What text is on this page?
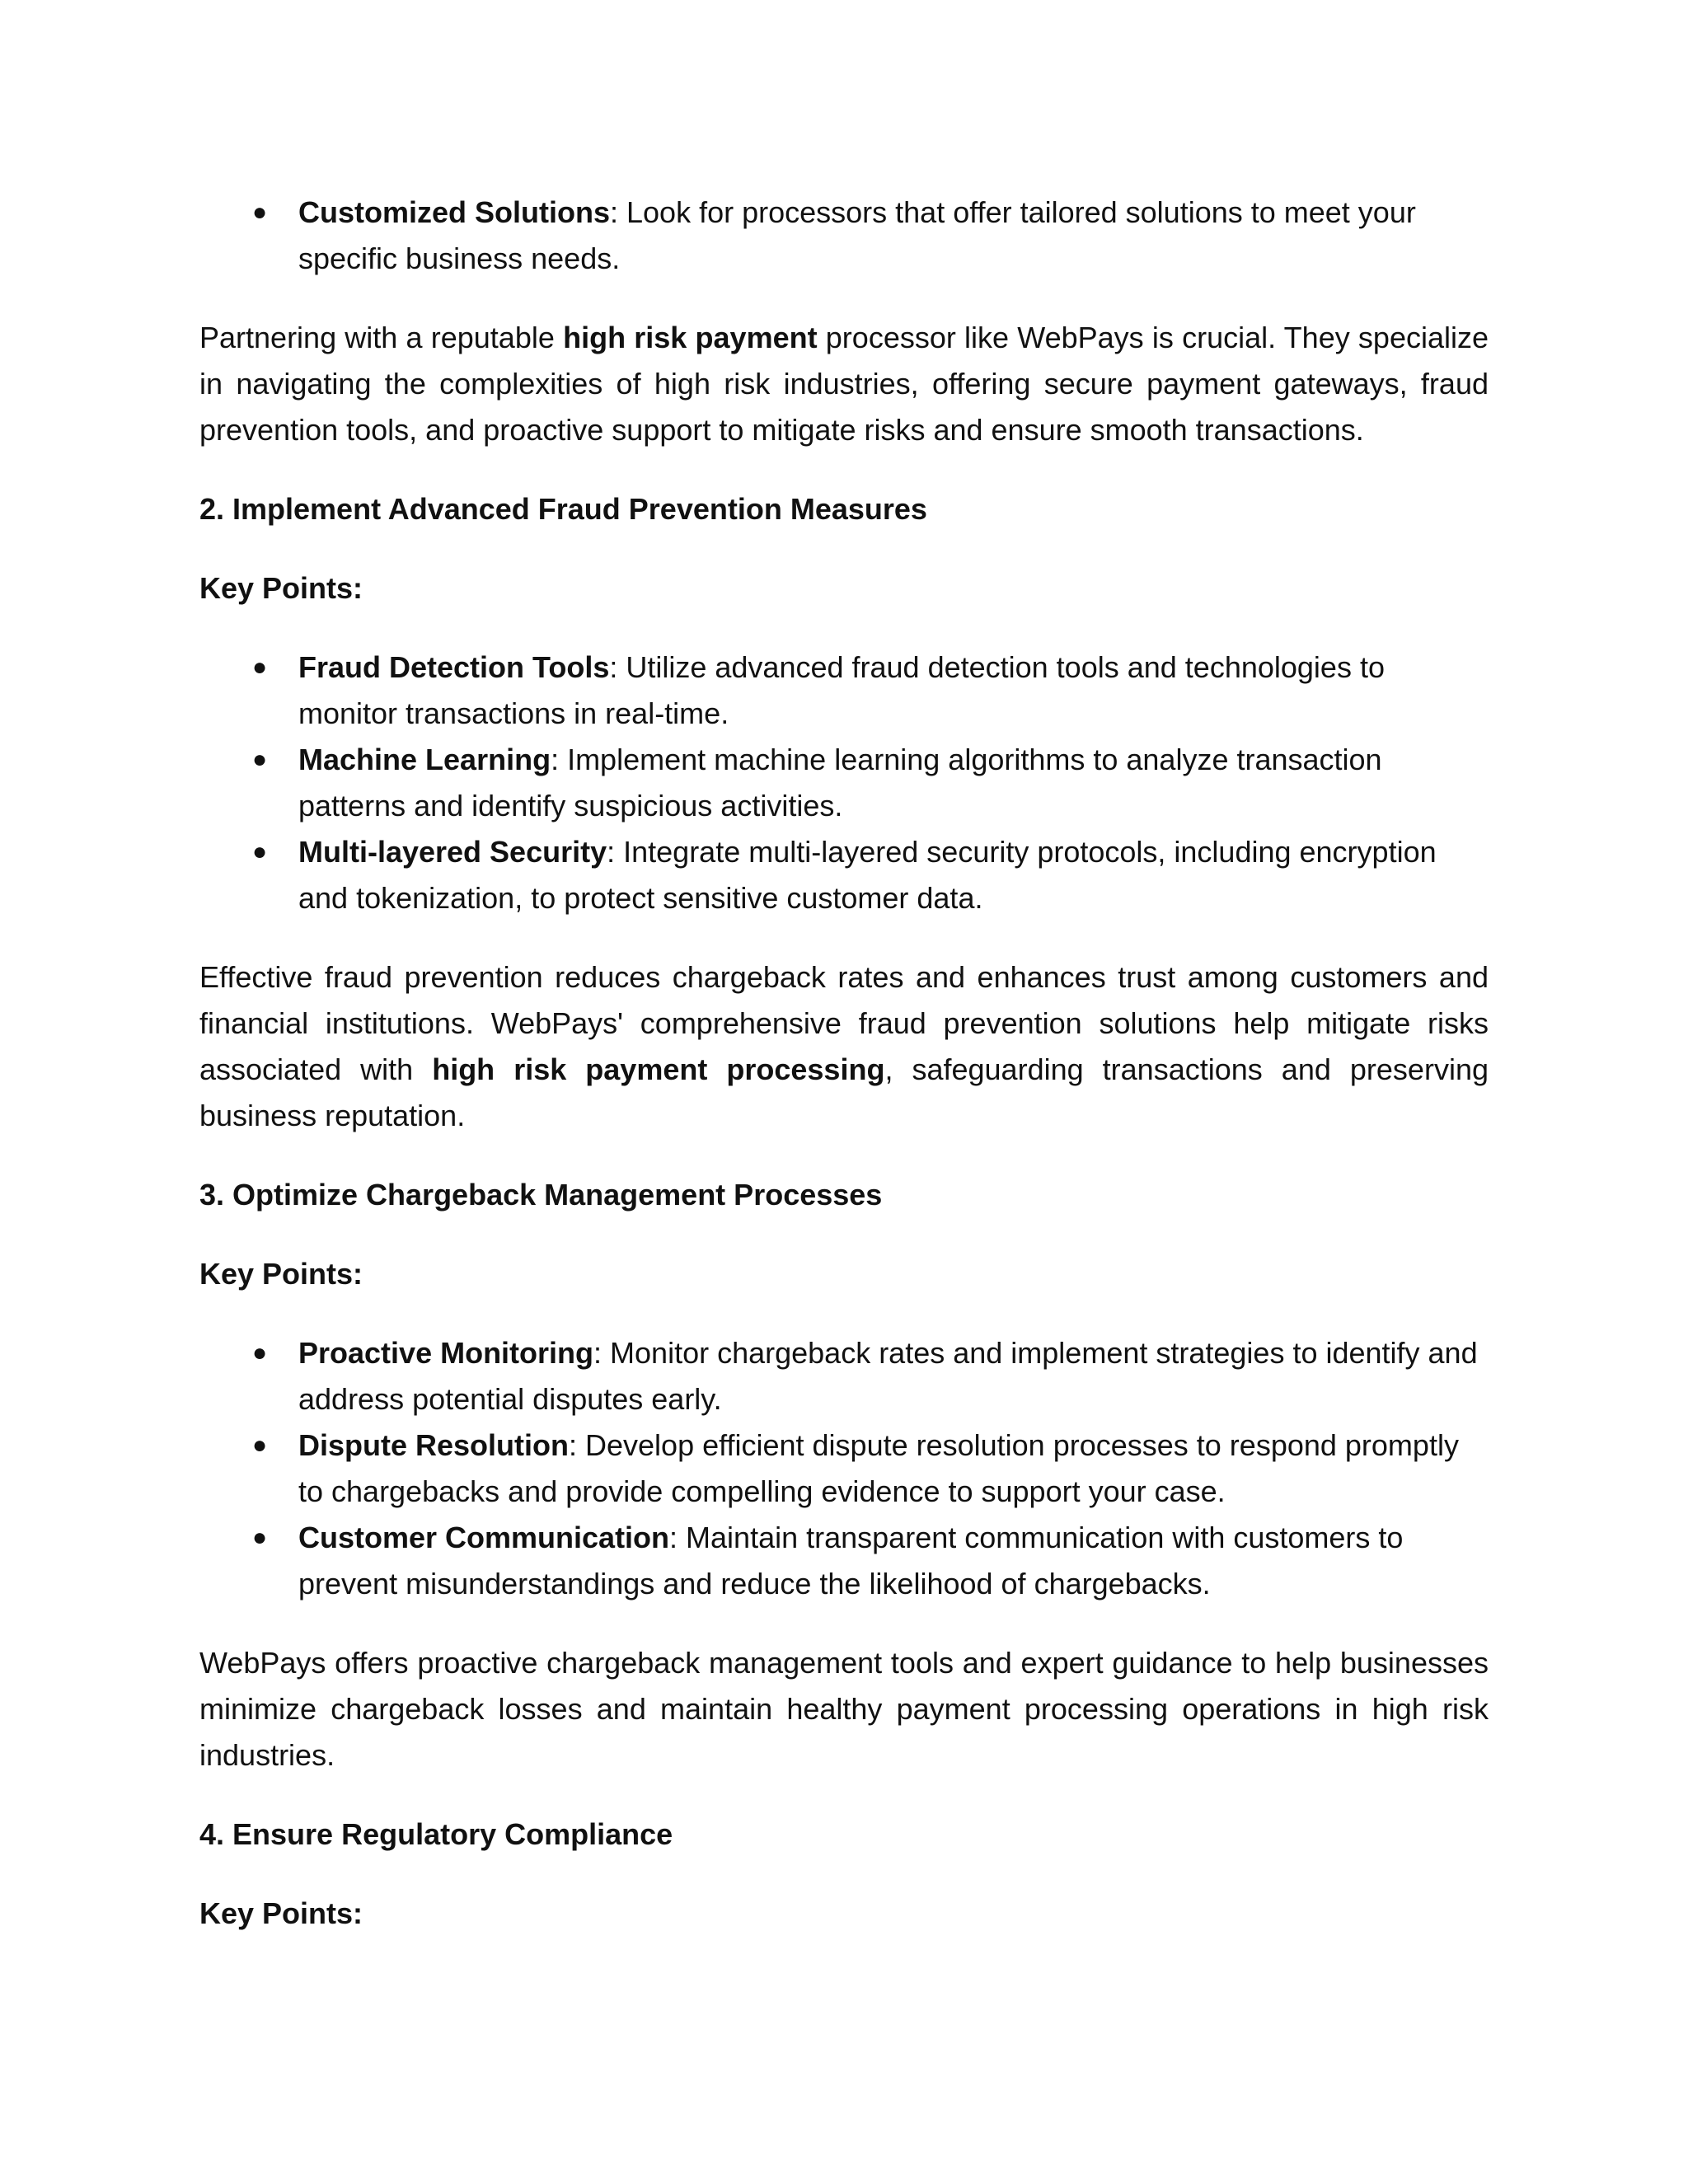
● Customized Solutions: Look for processors that offer tailored solutions to meet your specific business needs.

Partnering with a reputable high risk payment processor like WebPays is crucial. They specialize in navigating the complexities of high risk industries, offering secure payment gateways, fraud prevention tools, and proactive support to mitigate risks and ensure smooth transactions.

2. Implement Advanced Fraud Prevention Measures
Key Points:
● Fraud Detection Tools: Utilize advanced fraud detection tools and technologies to monitor transactions in real-time.
● Machine Learning: Implement machine learning algorithms to analyze transaction patterns and identify suspicious activities.
● Multi-layered Security: Integrate multi-layered security protocols, including encryption and tokenization, to protect sensitive customer data.

Effective fraud prevention reduces chargeback rates and enhances trust among customers and financial institutions. WebPays' comprehensive fraud prevention solutions help mitigate risks associated with high risk payment processing, safeguarding transactions and preserving business reputation.

3. Optimize Chargeback Management Processes
Key Points:
● Proactive Monitoring: Monitor chargeback rates and implement strategies to identify and address potential disputes early.
● Dispute Resolution: Develop efficient dispute resolution processes to respond promptly to chargebacks and provide compelling evidence to support your case.
● Customer Communication: Maintain transparent communication with customers to prevent misunderstandings and reduce the likelihood of chargebacks.

WebPays offers proactive chargeback management tools and expert guidance to help businesses minimize chargeback losses and maintain healthy payment processing operations in high risk industries.

4. Ensure Regulatory Compliance
Key Points:
